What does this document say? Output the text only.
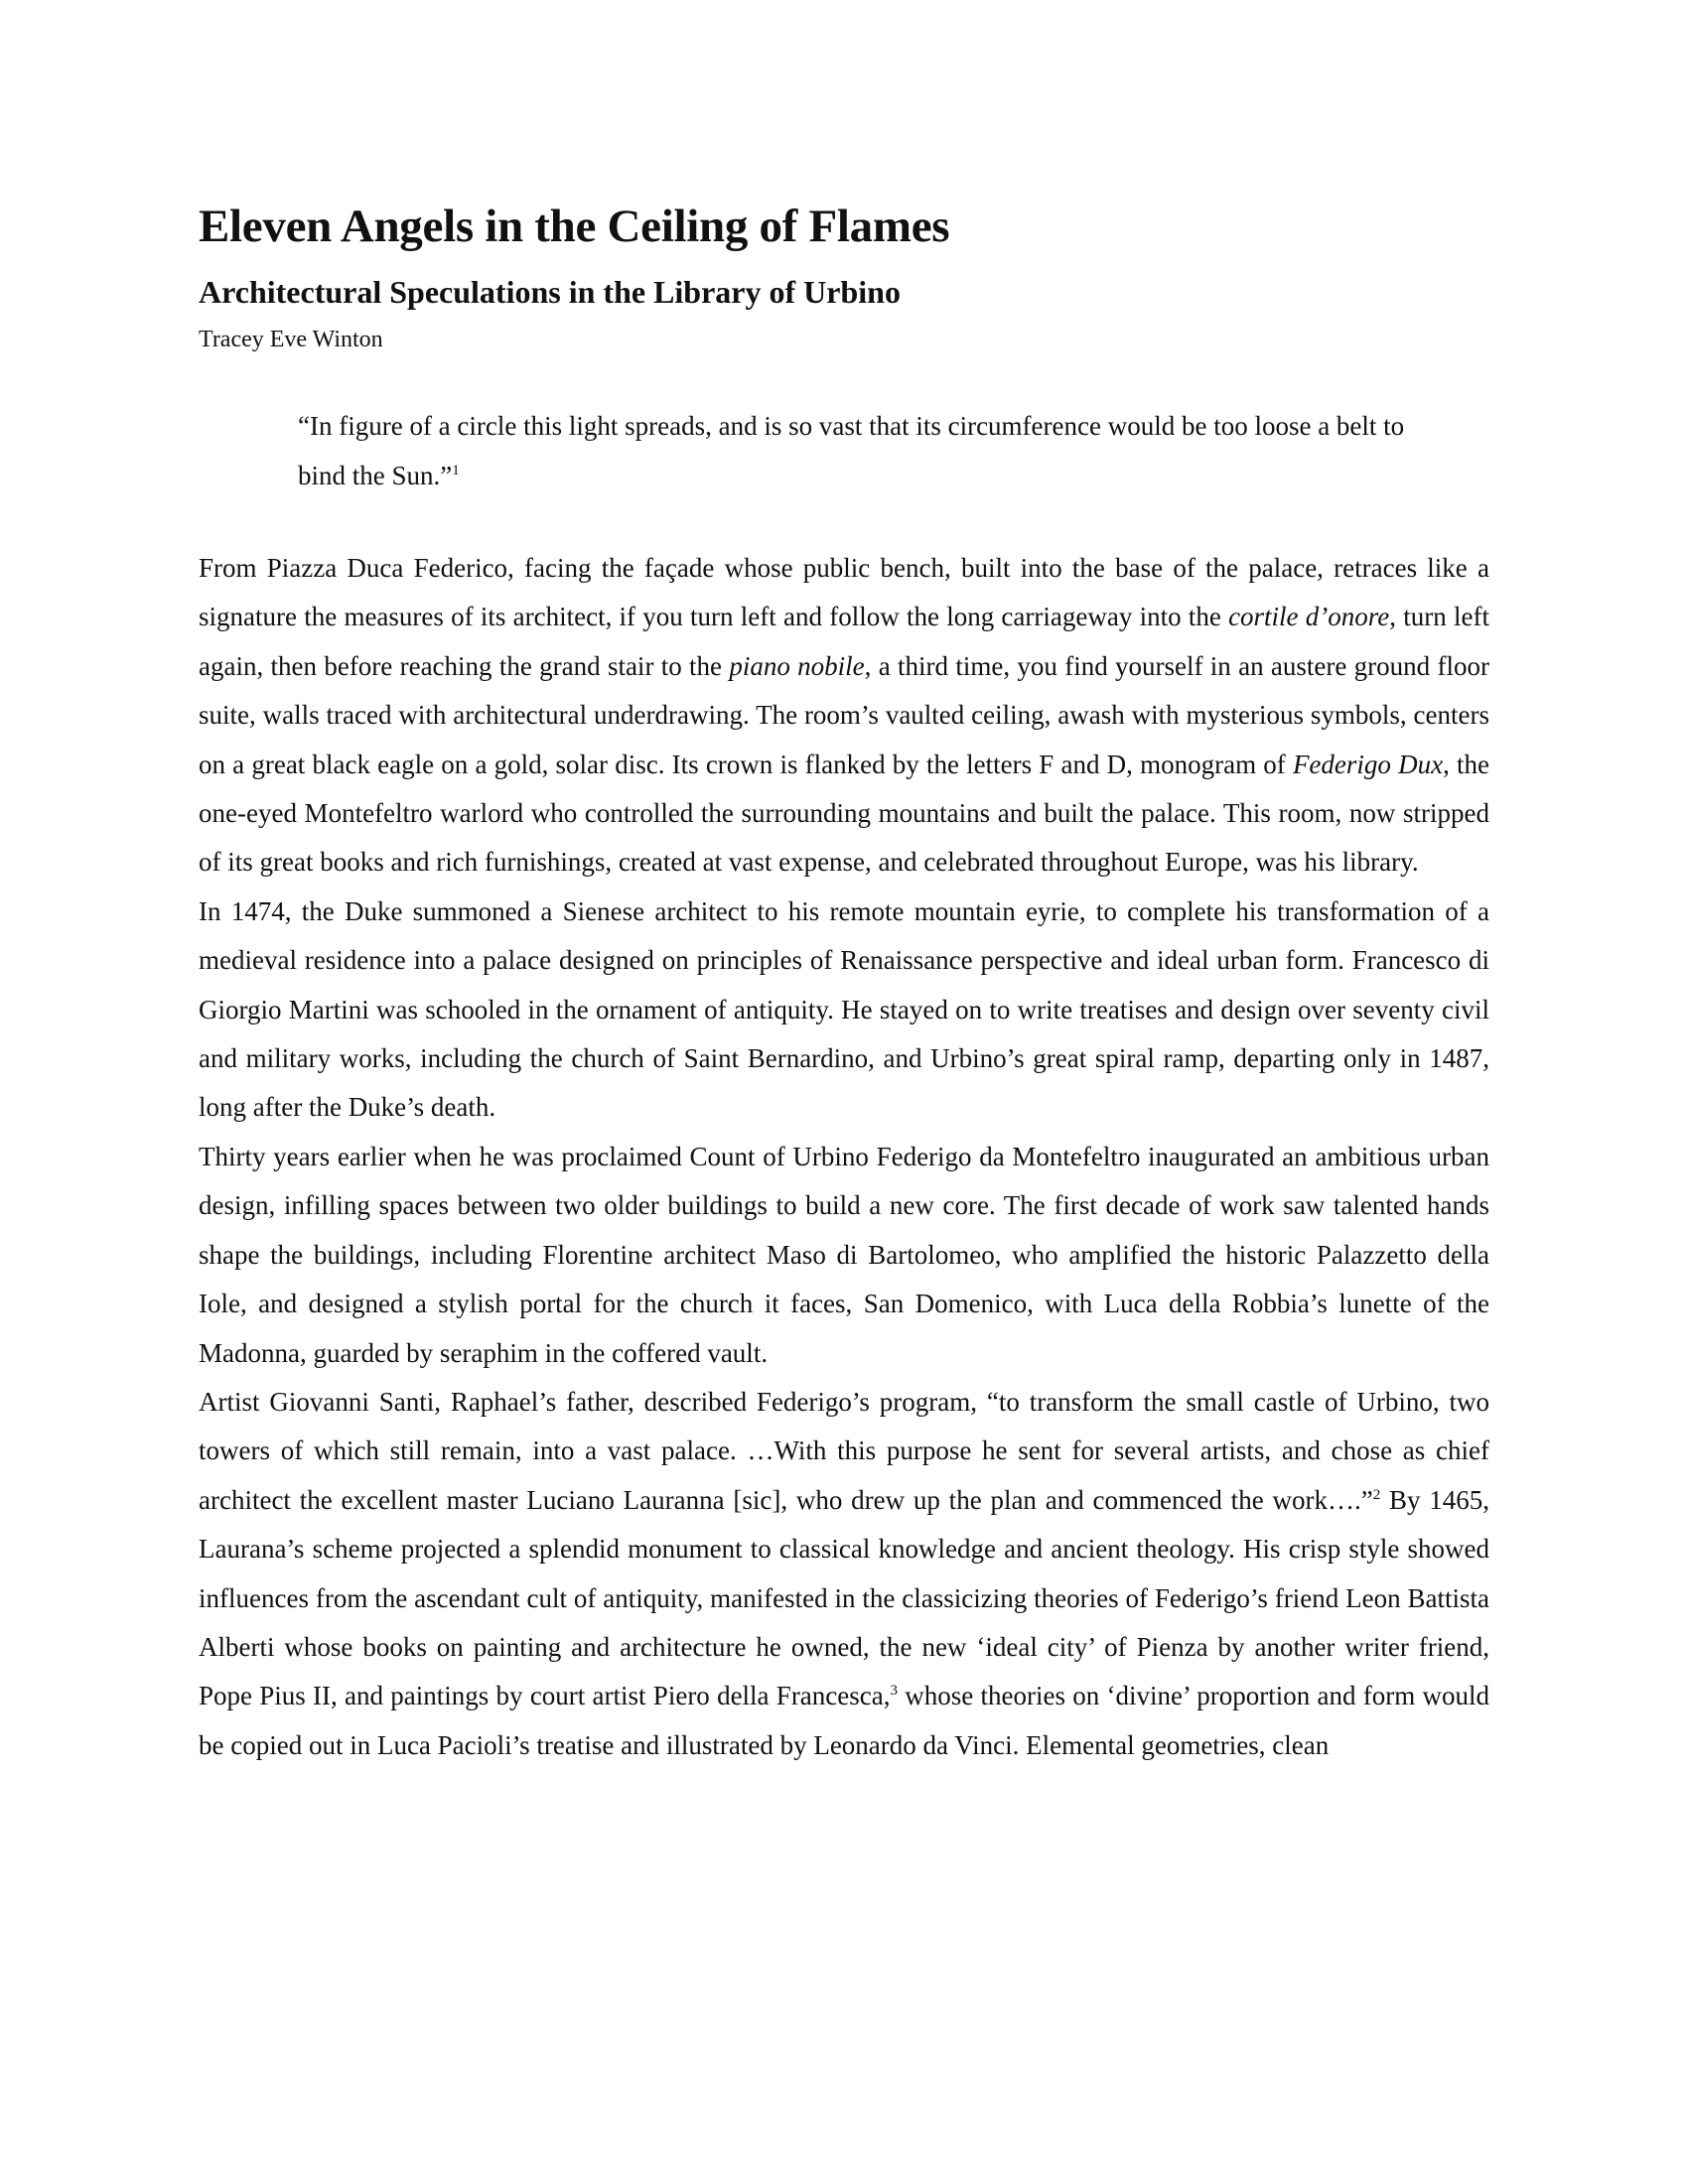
Eleven Angels in the Ceiling of Flames
Architectural Speculations in the Library of Urbino
Tracey Eve Winton
“In figure of a circle this light spreads, and is so vast that its circumference would be too loose a belt to bind the Sun.”$^1$

From Piazza Duca Federico, facing the façade whose public bench, built into the base of the palace, retraces like a signature the measures of its architect, if you turn left and follow the long carriageway into the cortile d’onore, turn left again, then before reaching the grand stair to the piano nobile, a third time, you find yourself in an austere ground floor suite, walls traced with architectural underdrawing. The room’s vaulted ceiling, awash with mysterious symbols, centers on a great black eagle on a gold, solar disc. Its crown is flanked by the letters F and D, monogram of Federigo Dux, the one-eyed Montefeltro warlord who controlled the surrounding mountains and built the palace. This room, now stripped of its great books and rich furnishings, created at vast expense, and celebrated throughout Europe, was his library.

In 1474, the Duke summoned a Sienese architect to his remote mountain eyrie, to complete his transformation of a medieval residence into a palace designed on principles of Renaissance perspective and ideal urban form. Francesco di Giorgio Martini was schooled in the ornament of antiquity. He stayed on to write treatises and design over seventy civil and military works, including the church of Saint Bernardino, and Urbino’s great spiral ramp, departing only in 1487, long after the Duke’s death.

Thirty years earlier when he was proclaimed Count of Urbino Federigo da Montefeltro inaugurated an ambitious urban design, infilling spaces between two older buildings to build a new core. The first decade of work saw talented hands shape the buildings, including Florentine architect Maso di Bartolomeo, who amplified the historic Palazzetto della Iole, and designed a stylish portal for the church it faces, San Domenico, with Luca della Robbia’s lunette of the Madonna, guarded by seraphim in the coffered vault.

Artist Giovanni Santi, Raphael’s father, described Federigo’s program, “to transform the small castle of Urbino, two towers of which still remain, into a vast palace. …With this purpose he sent for several artists, and chose as chief architect the excellent master Luciano Lauranna [sic], who drew up the plan and commenced the work….”$^2$ By 1465, Laurana’s scheme projected a splendid monument to classical knowledge and ancient theology. His crisp style showed influences from the ascendant cult of antiquity, manifested in the classicizing theories of Federigo’s friend Leon Battista Alberti whose books on painting and architecture he owned, the new ‘ideal city’ of Pienza by another writer friend, Pope Pius II, and paintings by court artist Piero della Francesca,$^3$ whose theories on ‘divine’ proportion and form would be copied out in Luca Pacioli’s treatise and illustrated by Leonardo da Vinci. Elemental geometries, clean
